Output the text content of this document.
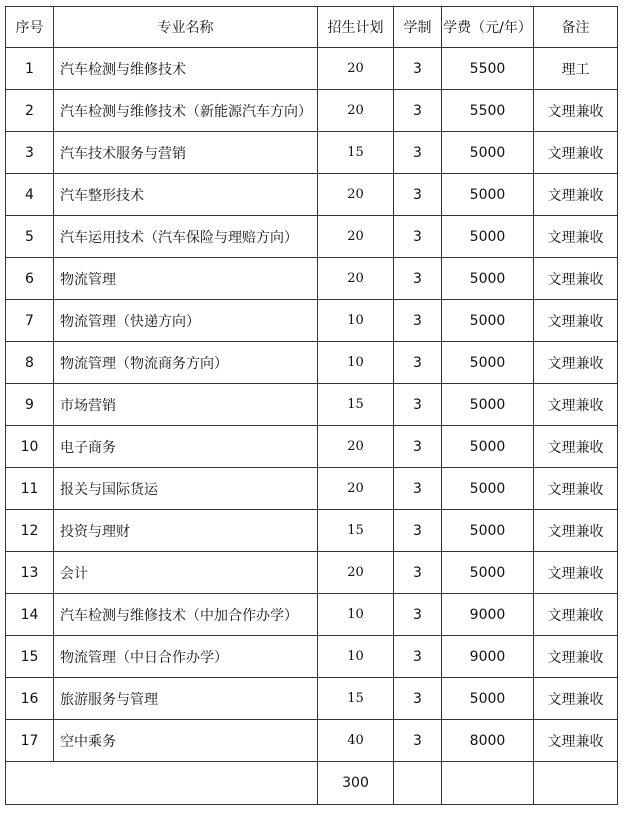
序号	专业名称	招生计划	学制	学费（元/年）	备注
1	汽车检测与维修技术	20	3	5500	理工
2	汽车检测与维修技术（新能源汽车方向）	20	3	5500	文理兼收
3	汽车技术服务与营销	15	3	5000	文理兼收
4	汽车整形技术	20	3	5000	文理兼收
5	汽车运用技术（汽车保险与理赔方向）	20	3	5000	文理兼收
6	物流管理	20	3	5000	文理兼收
7	物流管理（快递方向）	10	3	5000	文理兼收
8	物流管理（物流商务方向）	10	3	5000	文理兼收
9	市场营销	15	3	5000	文理兼收
10	电子商务	20	3	5000	文理兼收
11	报关与国际货运	20	3	5000	文理兼收
12	投资与理财	15	3	5000	文理兼收
13	会计	20	3	5000	文理兼收
14	汽车检测与维修技术（中加合作办学）	10	3	9000	文理兼收
15	物流管理（中日合作办学）	10	3	9000	文理兼收
16	旅游服务与管理	15	3	5000	文理兼收
17	空中乘务	40	3	8000	文理兼收
		300			
